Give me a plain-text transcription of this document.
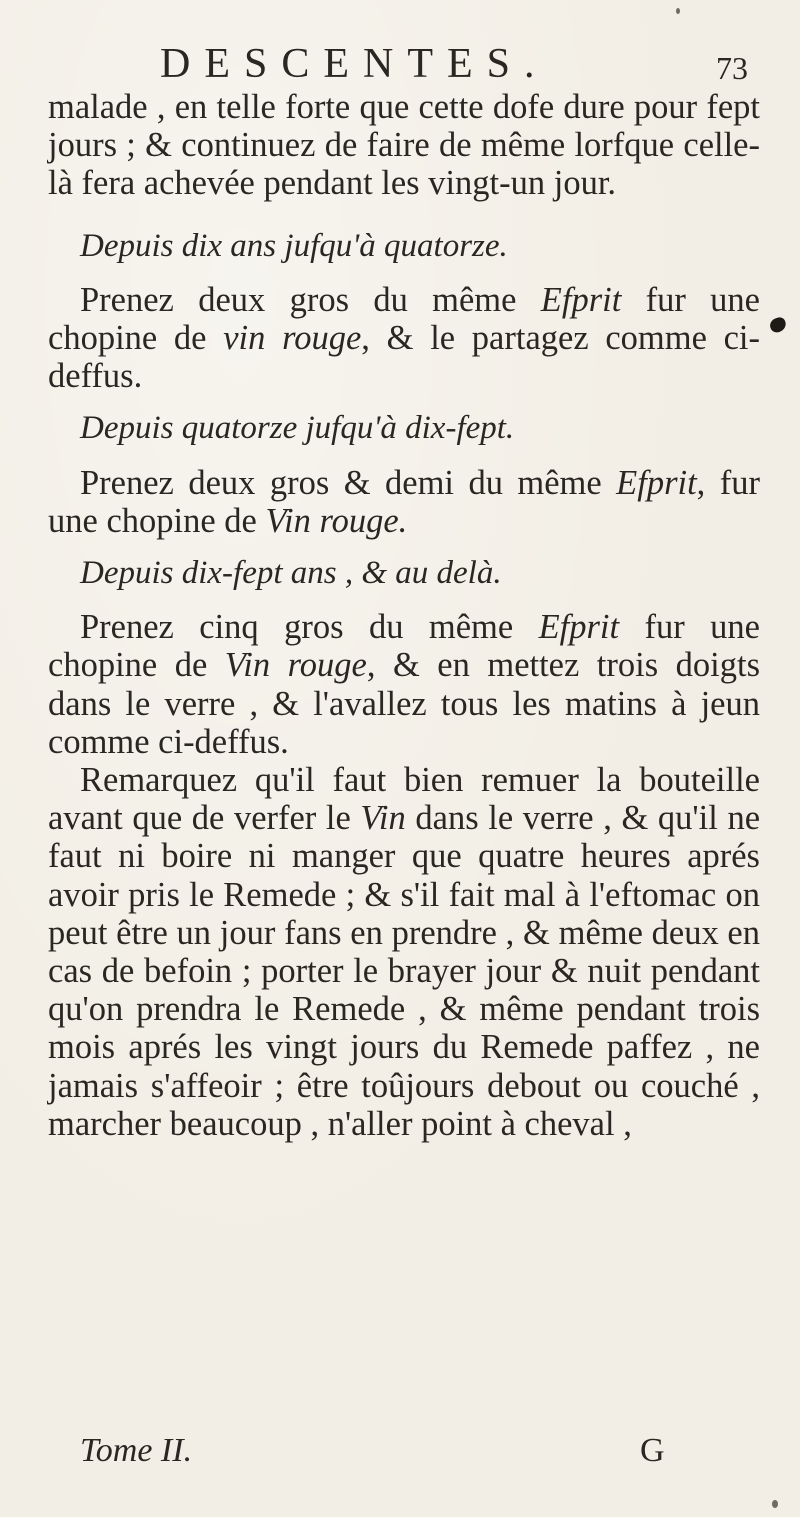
DESCENTES.	73

malade , en telle forte que cette dofe dure pour fept jours ; & continuez de faire de même lorfque celle-là fera achevée pendant les vingt-un jour.

Depuis dix ans jufqu'à quatorze.

Prenez deux gros du même Efprit fur une chopine de vin rouge, & le partagez comme ci-deffus.

Depuis quatorze jufqu'à dix-fept.

Prenez deux gros & demi du même Efprit, fur une chopine de Vin rouge.

Depuis dix-fept ans , & au delà.

Prenez cinq gros du même Efprit fur une chopine de Vin rouge, & en mettez trois doigts dans le verre , & l'avallez tous les matins à jeun comme ci-deffus.

Remarquez qu'il faut bien remuer la bouteille avant que de verfer le Vin dans le verre , & qu'il ne faut ni boire ni manger que quatre heures aprés avoir pris le Remede ; & s'il fait mal à l'eftomac on peut être un jour fans en prendre , & même deux en cas de befoin ; porter le brayer jour & nuit pendant qu'on prendra le Remede , & même pendant trois mois aprés les vingt jours du Remede paffez , ne jamais s'affeoir ; être toûjours debout ou couché , marcher beaucoup , n'aller point à cheval ,

Tome II.	G
